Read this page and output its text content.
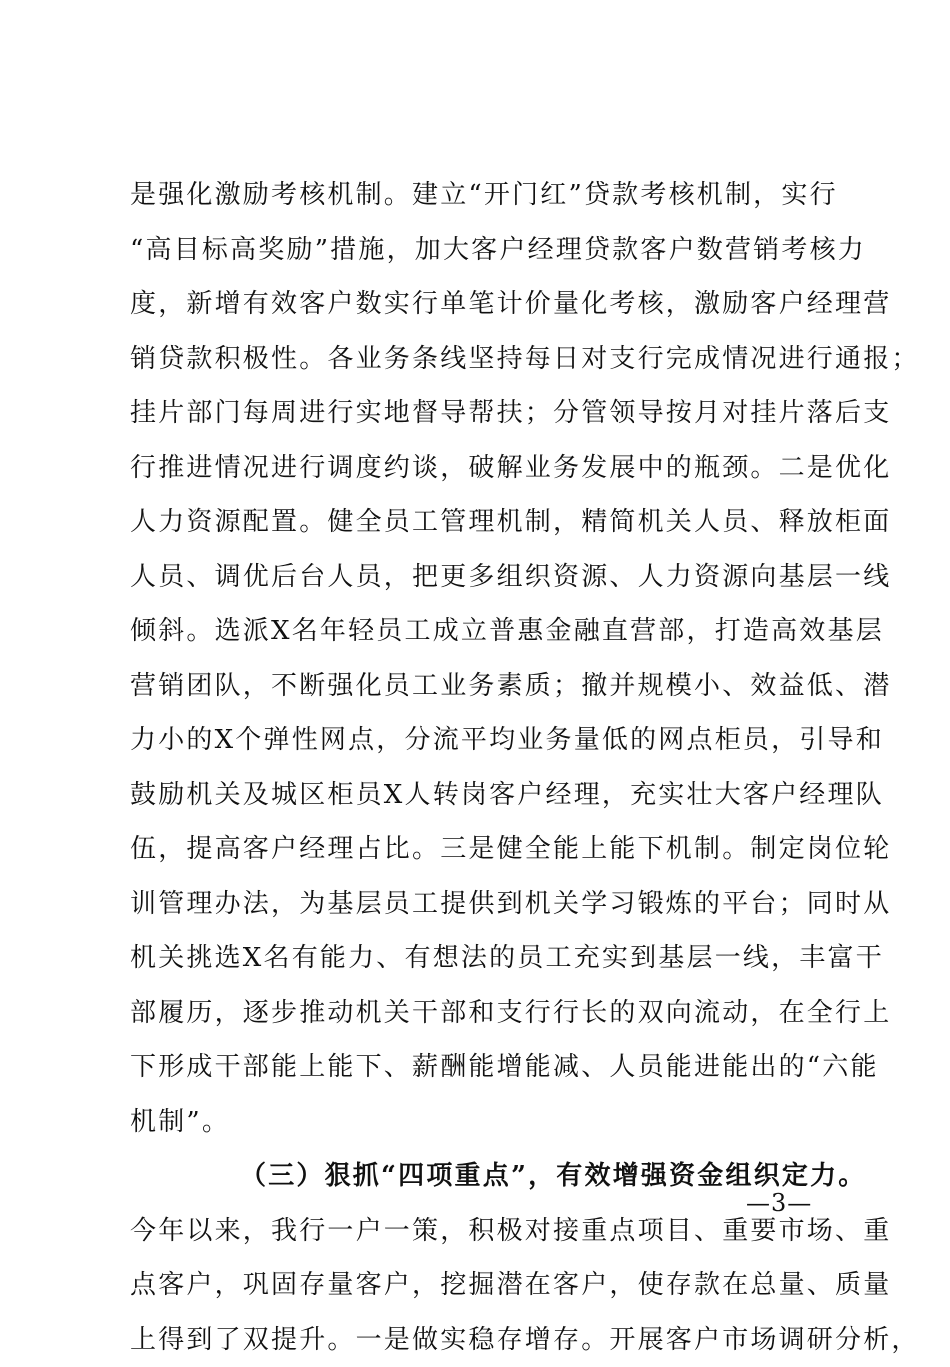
是强化激励考核机制。建立“开门红”贷款考核机制，实行
“高目标高奖励”措施，加大客户经理贷款客户数营销考核力
度，新增有效客户数实行单笔计价量化考核，激励客户经理营
销贷款积极性。各业务条线坚持每日对支行完成情况进行通报；
挂片部门每周进行实地督导帮扶；分管领导按月对挂片落后支
行推进情况进行调度约谈，破解业务发展中的瓶颈。二是优化
人力资源配置。健全员工管理机制，精简机关人员、释放柜面
人员、调优后台人员，把更多组织资源、人力资源向基层一线
倾斜。选派X名年轻员工成立普惠金融直营部，打造高效基层
营销团队，不断强化员工业务素质；撤并规模小、效益低、潜
力小的X个弹性网点，分流平均业务量低的网点柜员，引导和
鼓励机关及城区柜员X人转岗客户经理，充实壮大客户经理队
伍，提高客户经理占比。三是健全能上能下机制。制定岗位轮
训管理办法，为基层员工提供到机关学习锻炼的平台；同时从
机关挑选X名有能力、有想法的员工充实到基层一线，丰富干
部履历，逐步推动机关干部和支行行长的双向流动，在全行上
下形成干部能上能下、薪酬能增能减、人员能进能出的“六能
机制”。
（三）狠抓“四项重点”，有效增强资金组织定力。
今年以来，我行一户一策，积极对接重点项目、重要市场、重
点客户，巩固存量客户，挖掘潜在客户，使存款在总量、质量
上得到了双提升。一是做实稳存增存。开展客户市场调研分析，
—3—
